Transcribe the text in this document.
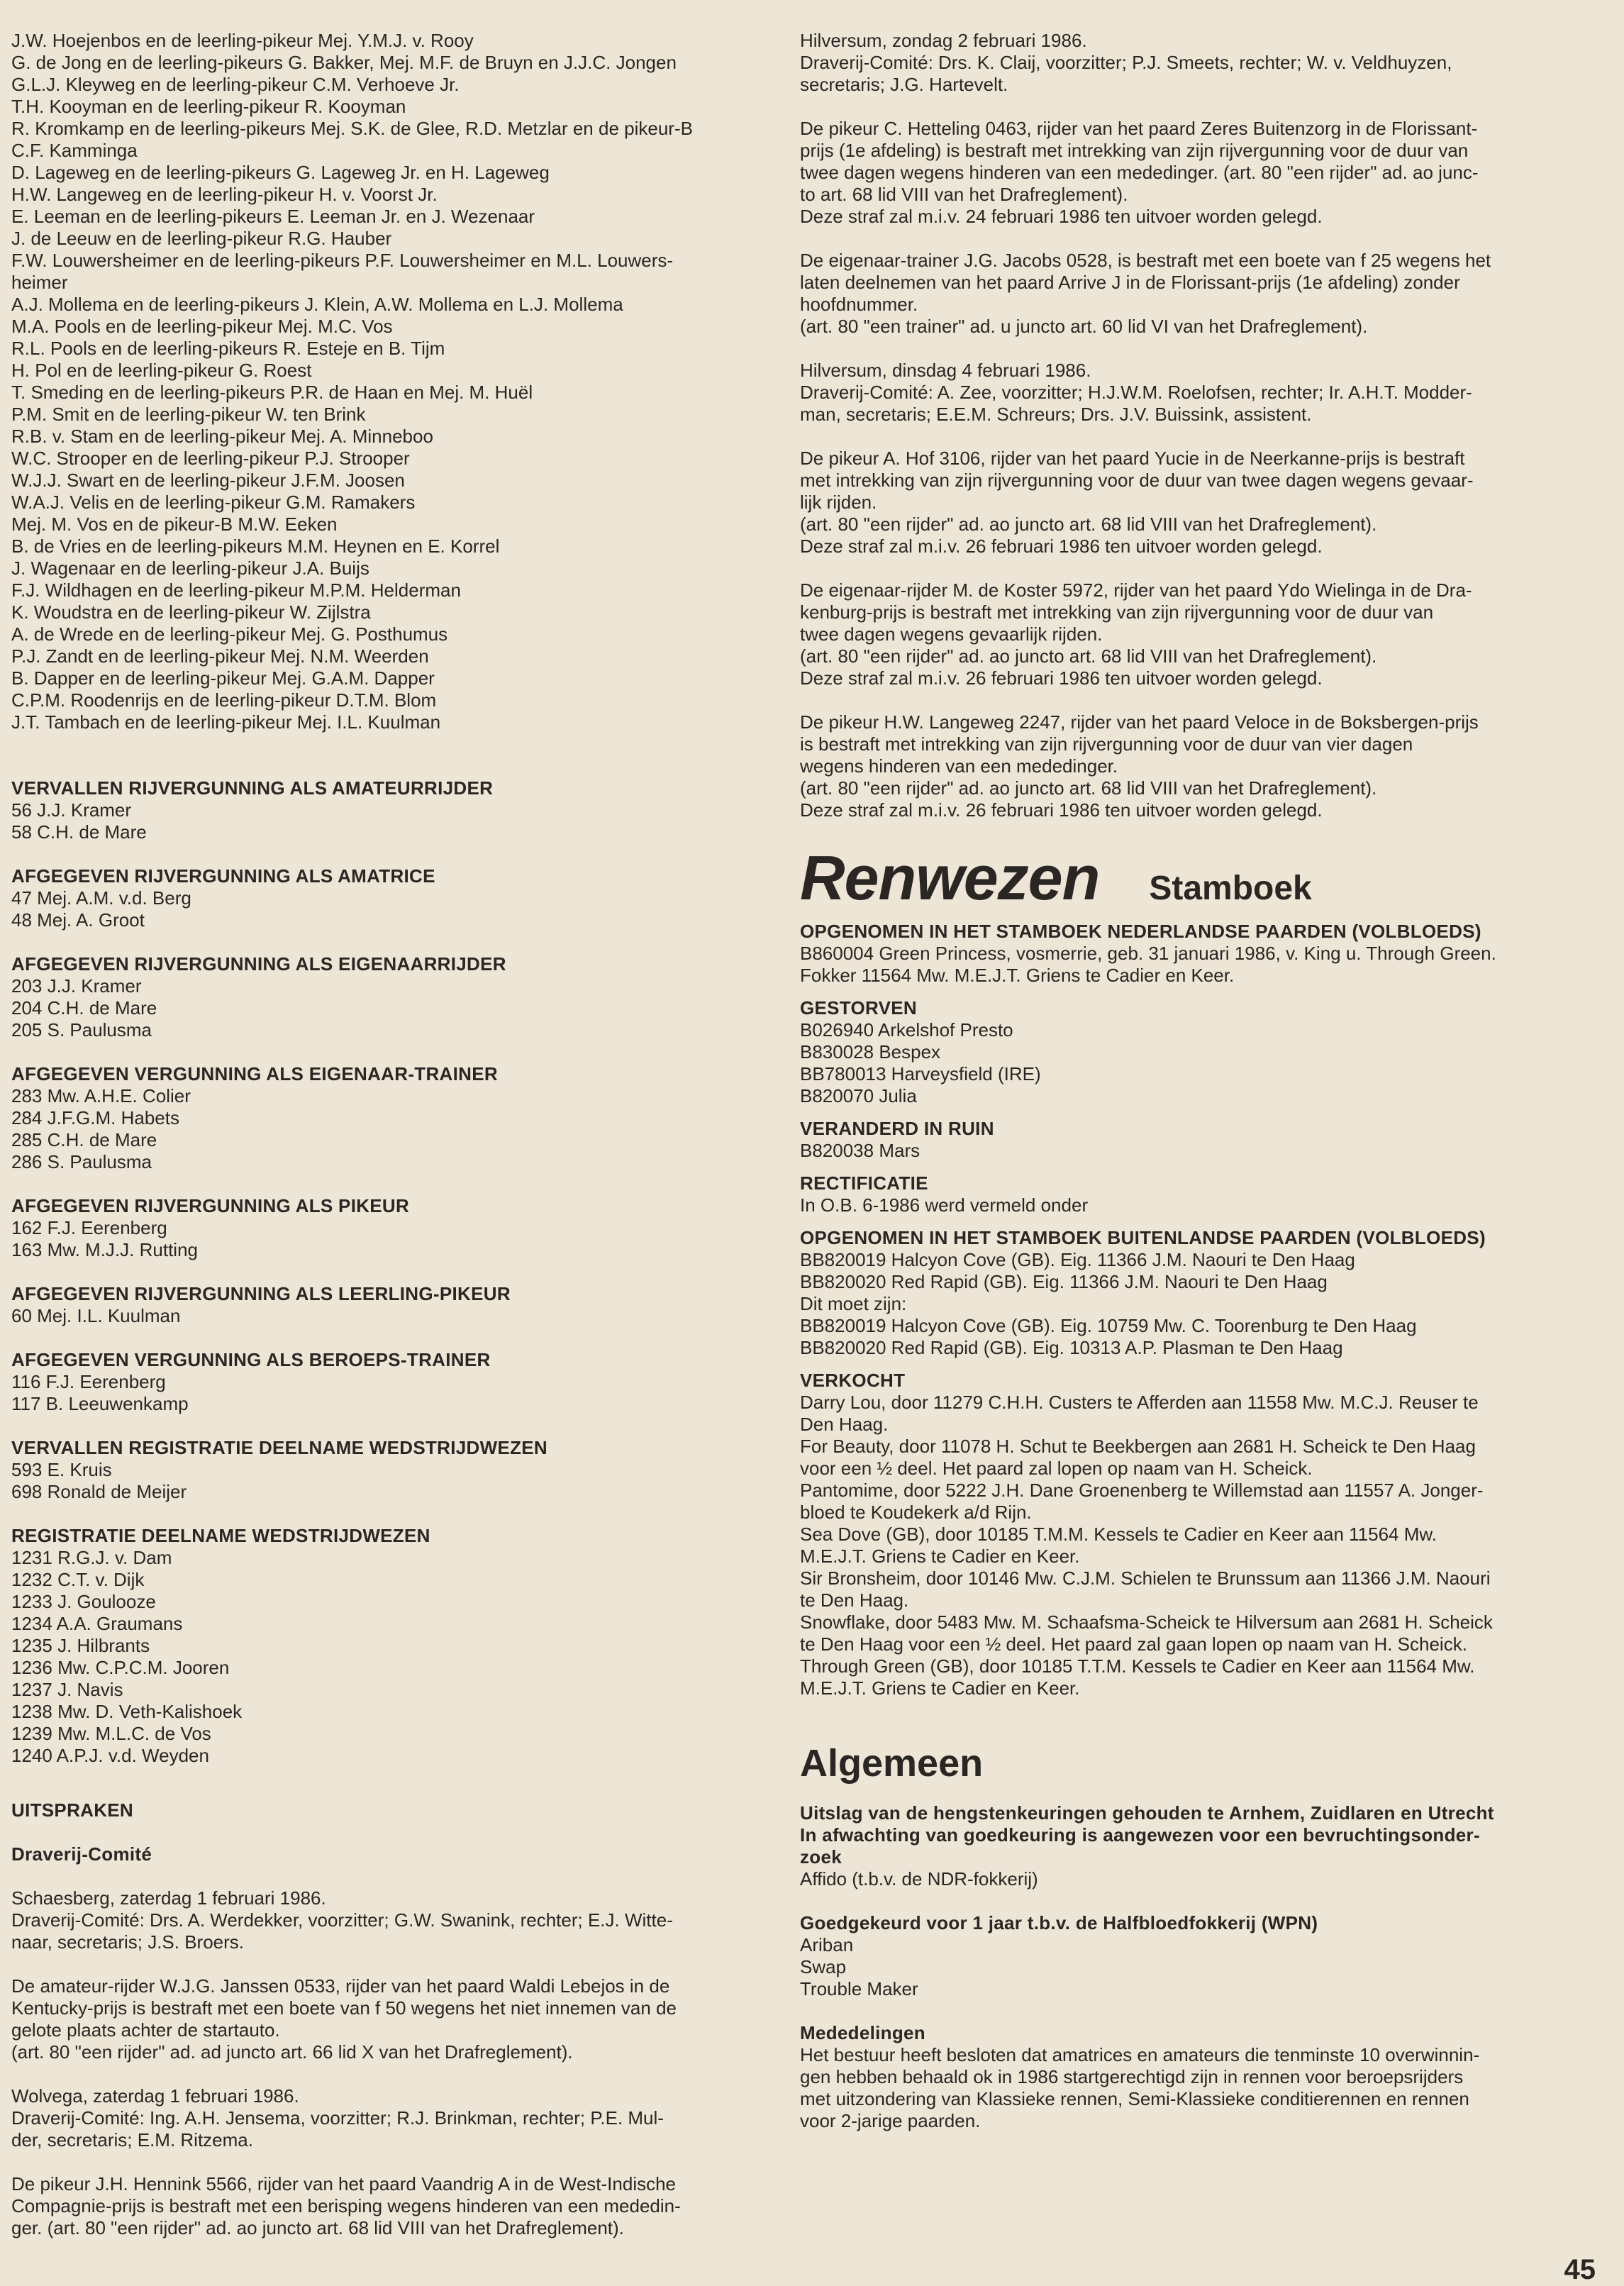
J.W. Hoejenbos en de leerling-pikeur Mej. Y.M.J. v. Rooy
G. de Jong en de leerling-pikeurs G. Bakker, Mej. M.F. de Bruyn en J.J.C. Jongen
G.L.J. Kleyweg en de leerling-pikeur C.M. Verhoeve Jr.
T.H. Kooyman en de leerling-pikeur R. Kooyman
R. Kromkamp en de leerling-pikeurs Mej. S.K. de Glee, R.D. Metzlar en de pikeur-B
C.F. Kamminga
D. Lageweg en de leerling-pikeurs G. Lageweg Jr. en H. Lageweg
H.W. Langeweg en de leerling-pikeur H. v. Voorst Jr.
E. Leeman en de leerling-pikeurs E. Leeman Jr. en J. Wezenaar
J. de Leeuw en de leerling-pikeur R.G. Hauber
F.W. Louwersheimer en de leerling-pikeurs P.F. Louwersheimer en M.L. Louwers-
heimer
A.J. Mollema en de leerling-pikeurs J. Klein, A.W. Mollema en L.J. Mollema
M.A. Pools en de leerling-pikeur Mej. M.C. Vos
R.L. Pools en de leerling-pikeurs R. Esteje en B. Tijm
H. Pol en de leerling-pikeur G. Roest
T. Smeding en de leerling-pikeurs P.R. de Haan en Mej. M. Huël
P.M. Smit en de leerling-pikeur W. ten Brink
R.B. v. Stam en de leerling-pikeur Mej. A. Minneboo
W.C. Strooper en de leerling-pikeur P.J. Strooper
W.J.J. Swart en de leerling-pikeur J.F.M. Joosen
W.A.J. Velis en de leerling-pikeur G.M. Ramakers
Mej. M. Vos en de pikeur-B M.W. Eeken
B. de Vries en de leerling-pikeurs M.M. Heynen en E. Korrel
J. Wagenaar en de leerling-pikeur J.A. Buijs
F.J. Wildhagen en de leerling-pikeur M.P.M. Helderman
K. Woudstra en de leerling-pikeur W. Zijlstra
A. de Wrede en de leerling-pikeur Mej. G. Posthumus
P.J. Zandt en de leerling-pikeur Mej. N.M. Weerden
B. Dapper en de leerling-pikeur Mej. G.A.M. Dapper
C.P.M. Roodenrijs en de leerling-pikeur D.T.M. Blom
J.T. Tambach en de leerling-pikeur Mej. I.L. Kuulman
VERVALLEN RIJVERGUNNING ALS AMATEURRIJDER
56 J.J. Kramer
58 C.H. de Mare
AFGEGEVEN RIJVERGUNNING ALS AMATRICE
47 Mej. A.M. v.d. Berg
48 Mej. A. Groot
AFGEGEVEN RIJVERGUNNING ALS EIGENAARRIJDER
203 J.J. Kramer
204 C.H. de Mare
205 S. Paulusma
AFGEGEVEN VERGUNNING ALS EIGENAAR-TRAINER
283 Mw. A.H.E. Colier
284 J.F.G.M. Habets
285 C.H. de Mare
286 S. Paulusma
AFGEGEVEN RIJVERGUNNING ALS PIKEUR
162 F.J. Eerenberg
163 Mw. M.J.J. Rutting
AFGEGEVEN RIJVERGUNNING ALS LEERLING-PIKEUR
60 Mej. I.L. Kuulman
AFGEGEVEN VERGUNNING ALS BEROEPS-TRAINER
116 F.J. Eerenberg
117 B. Leeuwenkamp
VERVALLEN REGISTRATIE DEELNAME WEDSTRIJDWEZEN
593 E. Kruis
698 Ronald de Meijer
REGISTRATIE DEELNAME WEDSTRIJDWEZEN
1231 R.G.J. v. Dam
1232 C.T. v. Dijk
1233 J. Goulooze
1234 A.A. Graumans
1235 J. Hilbrants
1236 Mw. C.P.C.M. Jooren
1237 J. Navis
1238 Mw. D. Veth-Kalishoek
1239 Mw. M.L.C. de Vos
1240 A.P.J. v.d. Weyden
UITSPRAKEN
Draverij-Comité
Schaesberg, zaterdag 1 februari 1986.
Draverij-Comité: Drs. A. Werdekker, voorzitter; G.W. Swanink, rechter; E.J. Witte-
naar, secretaris; J.S. Broers.
De amateur-rijder W.J.G. Janssen 0533, rijder van het paard Waldi Lebejos in de
Kentucky-prijs is bestraft met een boete van f 50 wegens het niet innemen van de
gelote plaats achter de startauto.
(art. 80 "een rijder" ad. ad juncto art. 66 lid X van het Drafreglement).
Wolvega, zaterdag 1 februari 1986.
Draverij-Comité: Ing. A.H. Jensema, voorzitter; R.J. Brinkman, rechter; P.E. Mul-
der, secretaris; E.M. Ritzema.
De pikeur J.H. Hennink 5566, rijder van het paard Vaandrig A in de West-Indische
Compagnie-prijs is bestraft met een berisping wegens hinderen van een mededin-
ger. (art. 80 "een rijder" ad. ao juncto art. 68 lid VIII van het Drafreglement).
Hilversum, zondag 2 februari 1986.
Draverij-Comité: Drs. K. Claij, voorzitter; P.J. Smeets, rechter; W. v. Veldhuyzen,
secretaris; J.G. Hartevelt.
De pikeur C. Hetteling 0463, rijder van het paard Zeres Buitenzorg in de Florissant-
prijs (1e afdeling) is bestraft met intrekking van zijn rijvergunning voor de duur van
twee dagen wegens hinderen van een mededinger. (art. 80 "een rijder" ad. ao junc-
to art. 68 lid VIII van het Drafreglement).
Deze straf zal m.i.v. 24 februari 1986 ten uitvoer worden gelegd.
De eigenaar-trainer J.G. Jacobs 0528, is bestraft met een boete van f 25 wegens het
laten deelnemen van het paard Arrive J in de Florissant-prijs (1e afdeling) zonder
hoofdnummer.
(art. 80 "een trainer" ad. u juncto art. 60 lid VI van het Drafreglement).
Hilversum, dinsdag 4 februari 1986.
Draverij-Comité: A. Zee, voorzitter; H.J.W.M. Roelofsen, rechter; Ir. A.H.T. Modder-
man, secretaris; E.E.M. Schreurs; Drs. J.V. Buissink, assistent.
De pikeur A. Hof 3106, rijder van het paard Yucie in de Neerkanne-prijs is bestraft
met intrekking van zijn rijvergunning voor de duur van twee dagen wegens gevaar-
lijk rijden.
(art. 80 "een rijder" ad. ao juncto art. 68 lid VIII van het Drafreglement).
Deze straf zal m.i.v. 26 februari 1986 ten uitvoer worden gelegd.
De eigenaar-rijder M. de Koster 5972, rijder van het paard Ydo Wielinga in de Dra-
kenburg-prijs is bestraft met intrekking van zijn rijvergunning voor de duur van
twee dagen wegens gevaarlijk rijden.
(art. 80 "een rijder" ad. ao juncto art. 68 lid VIII van het Drafreglement).
Deze straf zal m.i.v. 26 februari 1986 ten uitvoer worden gelegd.
De pikeur H.W. Langeweg 2247, rijder van het paard Veloce in de Boksbergen-prijs
is bestraft met intrekking van zijn rijvergunning voor de duur van vier dagen
wegens hinderen van een mededinger.
(art. 80 "een rijder" ad. ao juncto art. 68 lid VIII van het Drafreglement).
Deze straf zal m.i.v. 26 februari 1986 ten uitvoer worden gelegd.
Renwezen Stamboek
OPGENOMEN IN HET STAMBOEK NEDERLANDSE PAARDEN (VOLBLOEDS)
B860004 Green Princess, vosmerrie, geb. 31 januari 1986, v. King u. Through Green.
Fokker 11564 Mw. M.E.J.T. Griens te Cadier en Keer.
GESTORVEN
B026940 Arkelshof Presto
B830028 Bespex
BB780013 Harveysfield (IRE)
B820070 Julia
VERANDERD IN RUIN
B820038 Mars
RECTIFICATIE
In O.B. 6-1986 werd vermeld onder
OPGENOMEN IN HET STAMBOEK BUITENLANDSE PAARDEN (VOLBLOEDS)
BB820019 Halcyon Cove (GB). Eig. 11366 J.M. Naouri te Den Haag
BB820020 Red Rapid (GB). Eig. 11366 J.M. Naouri te Den Haag
Dit moet zijn:
BB820019 Halcyon Cove (GB). Eig. 10759 Mw. C. Toorenburg te Den Haag
BB820020 Red Rapid (GB). Eig. 10313 A.P. Plasman te Den Haag
VERKOCHT
Darry Lou, door 11279 C.H.H. Custers te Afferden aan 11558 Mw. M.C.J. Reuser te
Den Haag.
For Beauty, door 11078 H. Schut te Beekbergen aan 2681 H. Scheick te Den Haag
voor een ½ deel. Het paard zal lopen op naam van H. Scheick.
Pantomime, door 5222 J.H. Dane Groenenberg te Willemstad aan 11557 A. Jonger-
bloed te Koudekerk a/d Rijn.
Sea Dove (GB), door 10185 T.M.M. Kessels te Cadier en Keer aan 11564 Mw.
M.E.J.T. Griens te Cadier en Keer.
Sir Bronsheim, door 10146 Mw. C.J.M. Schielen te Brunssum aan 11366 J.M. Naouri
te Den Haag.
Snowflake, door 5483 Mw. M. Schaafsma-Scheick te Hilversum aan 2681 H. Scheick
te Den Haag voor een ½ deel. Het paard zal gaan lopen op naam van H. Scheick.
Through Green (GB), door 10185 T.T.M. Kessels te Cadier en Keer aan 11564 Mw.
M.E.J.T. Griens te Cadier en Keer.
Algemeen
Uitslag van de hengstenkeuringen gehouden te Arnhem, Zuidlaren en Utrecht
In afwachting van goedkeuring is aangewezen voor een bevruchtingsonder-
zoek
Affido (t.b.v. de NDR-fokkerij)
Goedgekeurd voor 1 jaar t.b.v. de Halfbloedfokkerij (WPN)
Ariban
Swap
Trouble Maker
Mededelingen
Het bestuur heeft besloten dat amatrices en amateurs die tenminste 10 overwinnin-
gen hebben behaald ok in 1986 startgerechtigd zijn in rennen voor beroepsrijders
met uitzondering van Klassieke rennen, Semi-Klassieke conditierennen en rennen
voor 2-jarige paarden.
45
